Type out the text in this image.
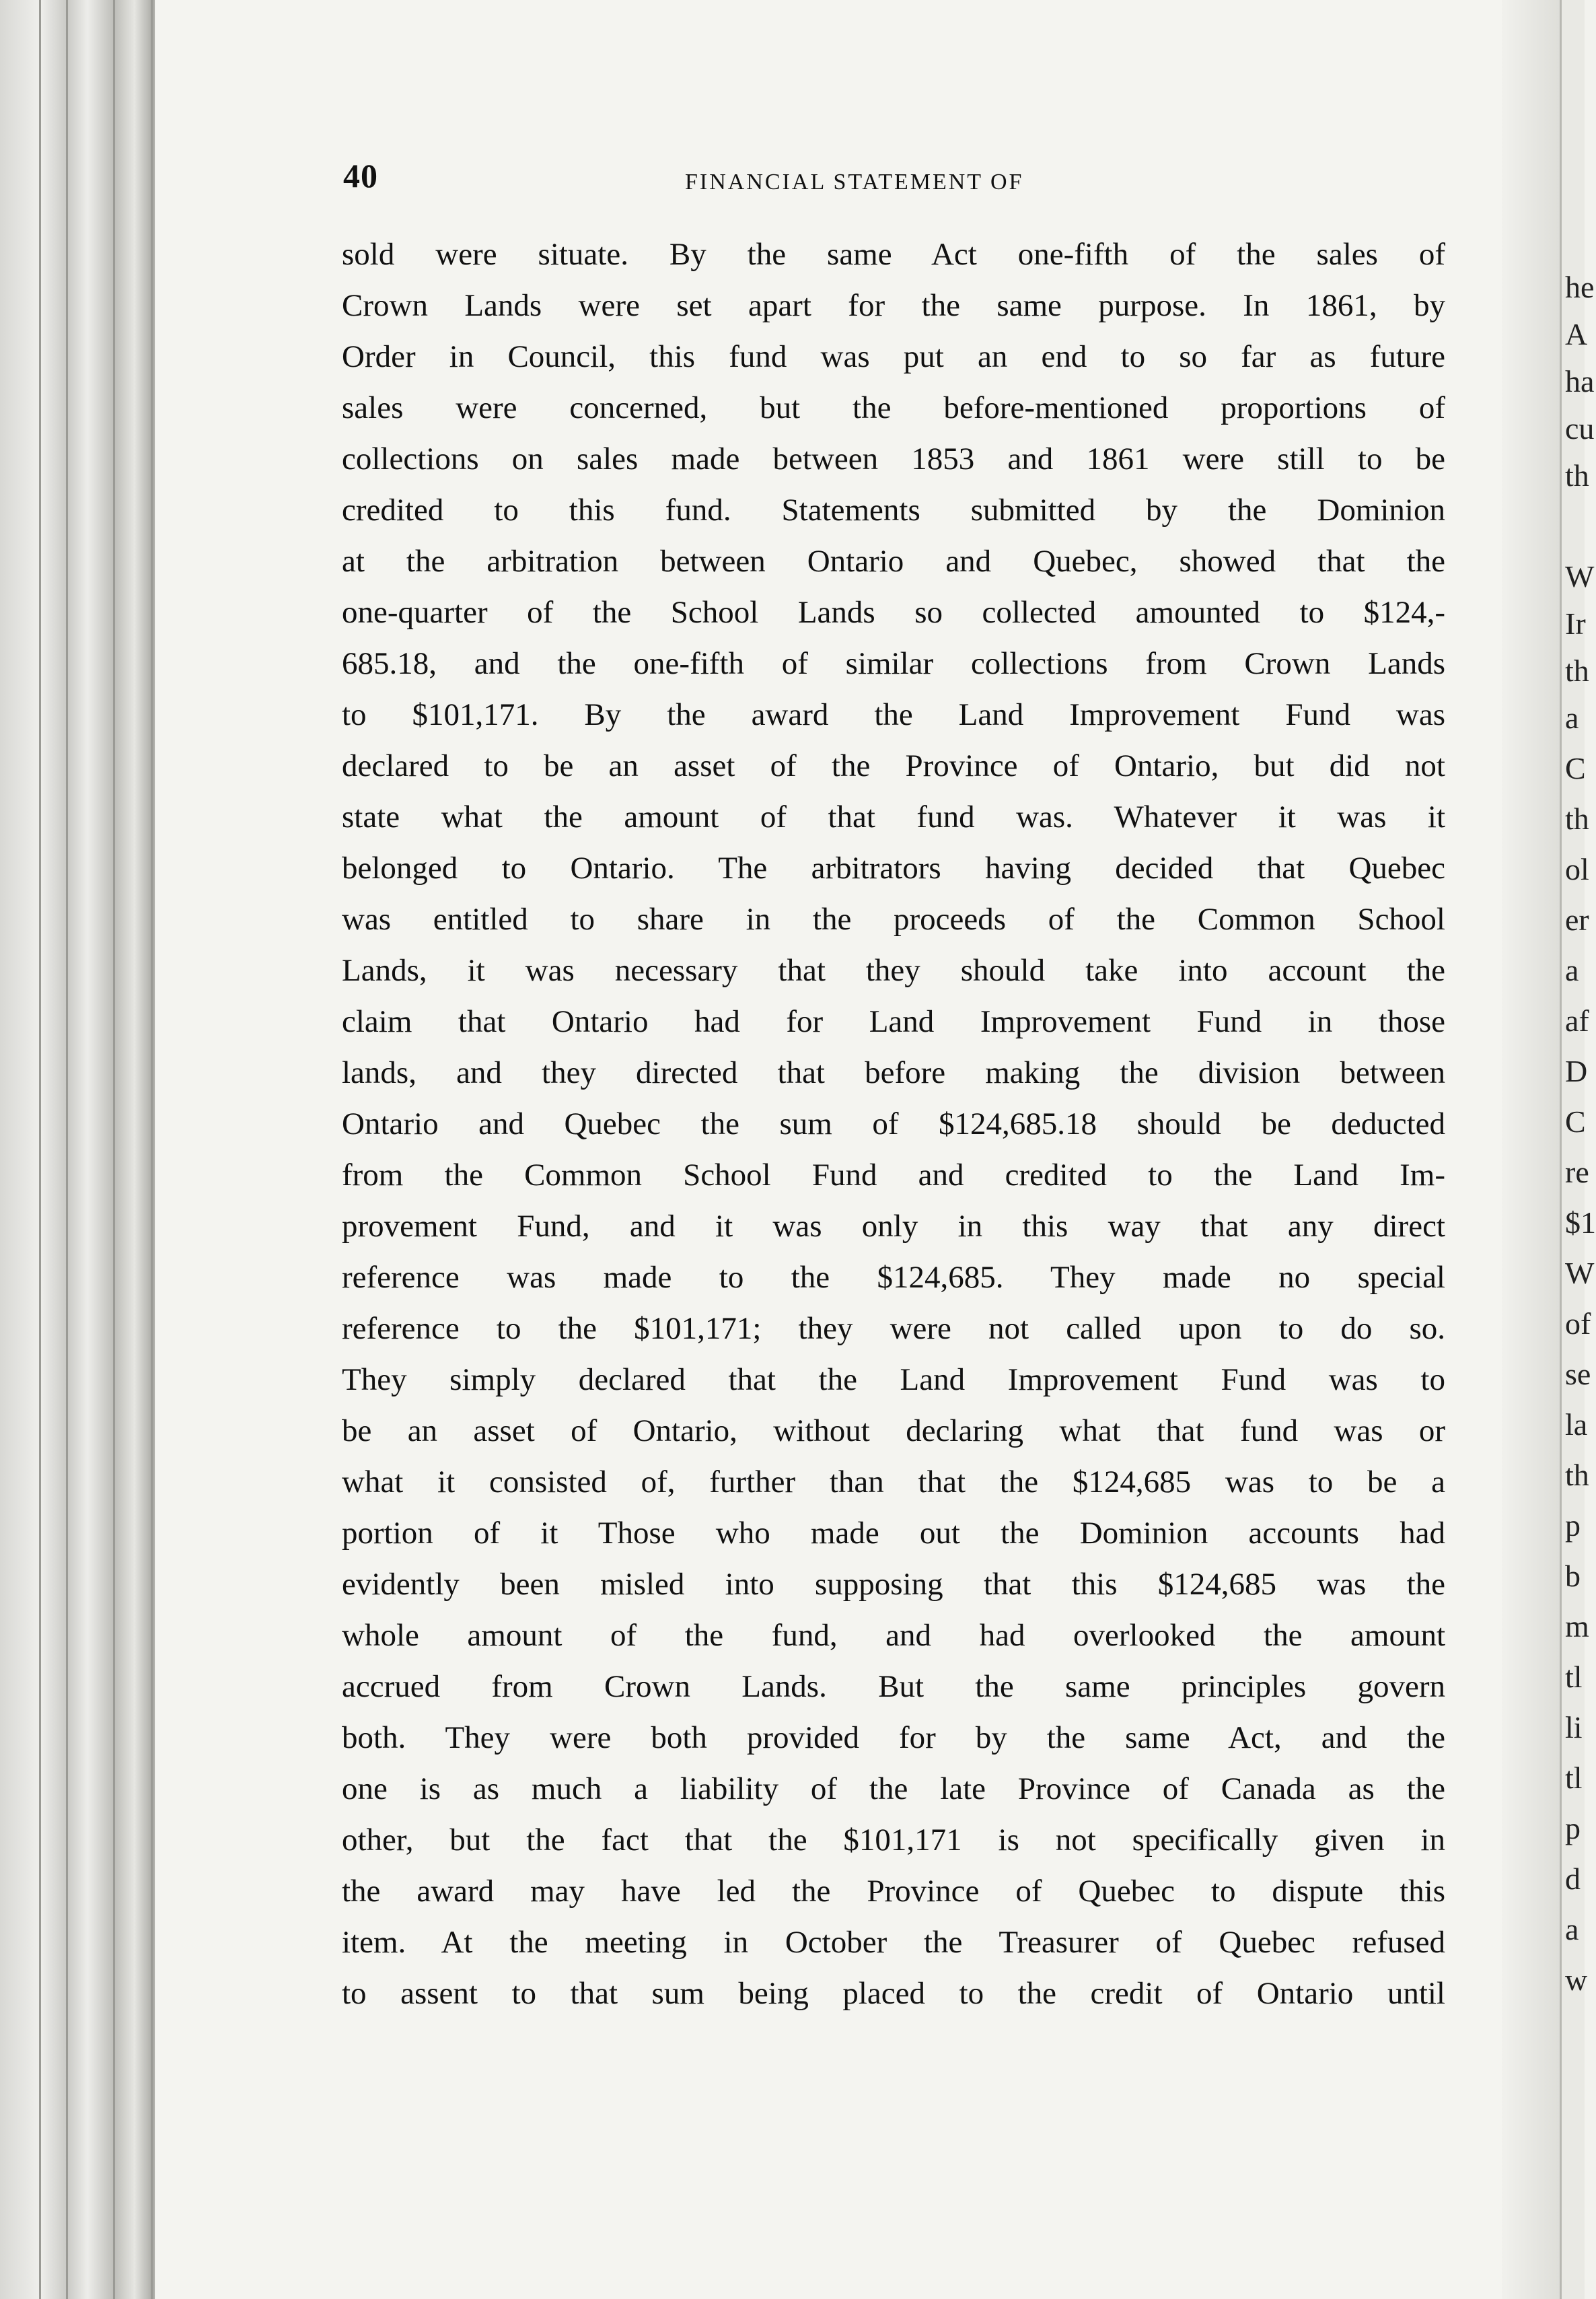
40	FINANCIAL STATEMENT OF
sold were situate. By the same Act one-fifth of the sales of
Crown Lands were set apart for the same purpose. In 1861, by
Order in Council, this fund was put an end to so far as future
sales were concerned, but the before-mentioned proportions of
collections on sales made between 1853 and 1861 were still to be
credited to this fund. Statements submitted by the Dominion
at the arbitration between Ontario and Quebec, showed that the
one-quarter of the School Lands so collected amounted to $124,-
685.18, and the one-fifth of similar collections from Crown Lands
to $101,171. By the award the Land Improvement Fund was
declared to be an asset of the Province of Ontario, but did not
state what the amount of that fund was. Whatever it was it
belonged to Ontario. The arbitrators having decided that Quebec
was entitled to share in the proceeds of the Common School
Lands, it was necessary that they should take into account the
claim that Ontario had for Land Improvement Fund in those
lands, and they directed that before making the division between
Ontario and Quebec the sum of $124,685.18 should be deducted
from the Common School Fund and credited to the Land Im-
provement Fund, and it was only in this way that any direct
reference was made to the $124,685. They made no special
reference to the $101,171; they were not called upon to do so.
They simply declared that the Land Improvement Fund was to
be an asset of Ontario, without declaring what that fund was or
what it consisted of, further than that the $124,685 was to be a
portion of it Those who made out the Dominion accounts had
evidently been misled into supposing that this $124,685 was the
whole amount of the fund, and had overlooked the amount
accrued from Crown Lands. But the same principles govern
both. They were both provided for by the same Act, and the
one is as much a liability of the late Province of Canada as the
other, but the fact that the $101,171 is not specifically given in
the award may have led the Province of Quebec to dispute this
item. At the meeting in October the Treasurer of Quebec refused
to assent to that sum being placed to the credit of Ontario until
he
A
ha
cu
th
W
Ir
th
a
C
th
ol
er
a
af
D
C
re
$1
W
of
se
la
th
p
b
m
tl
li
tl
p
d
a
w
